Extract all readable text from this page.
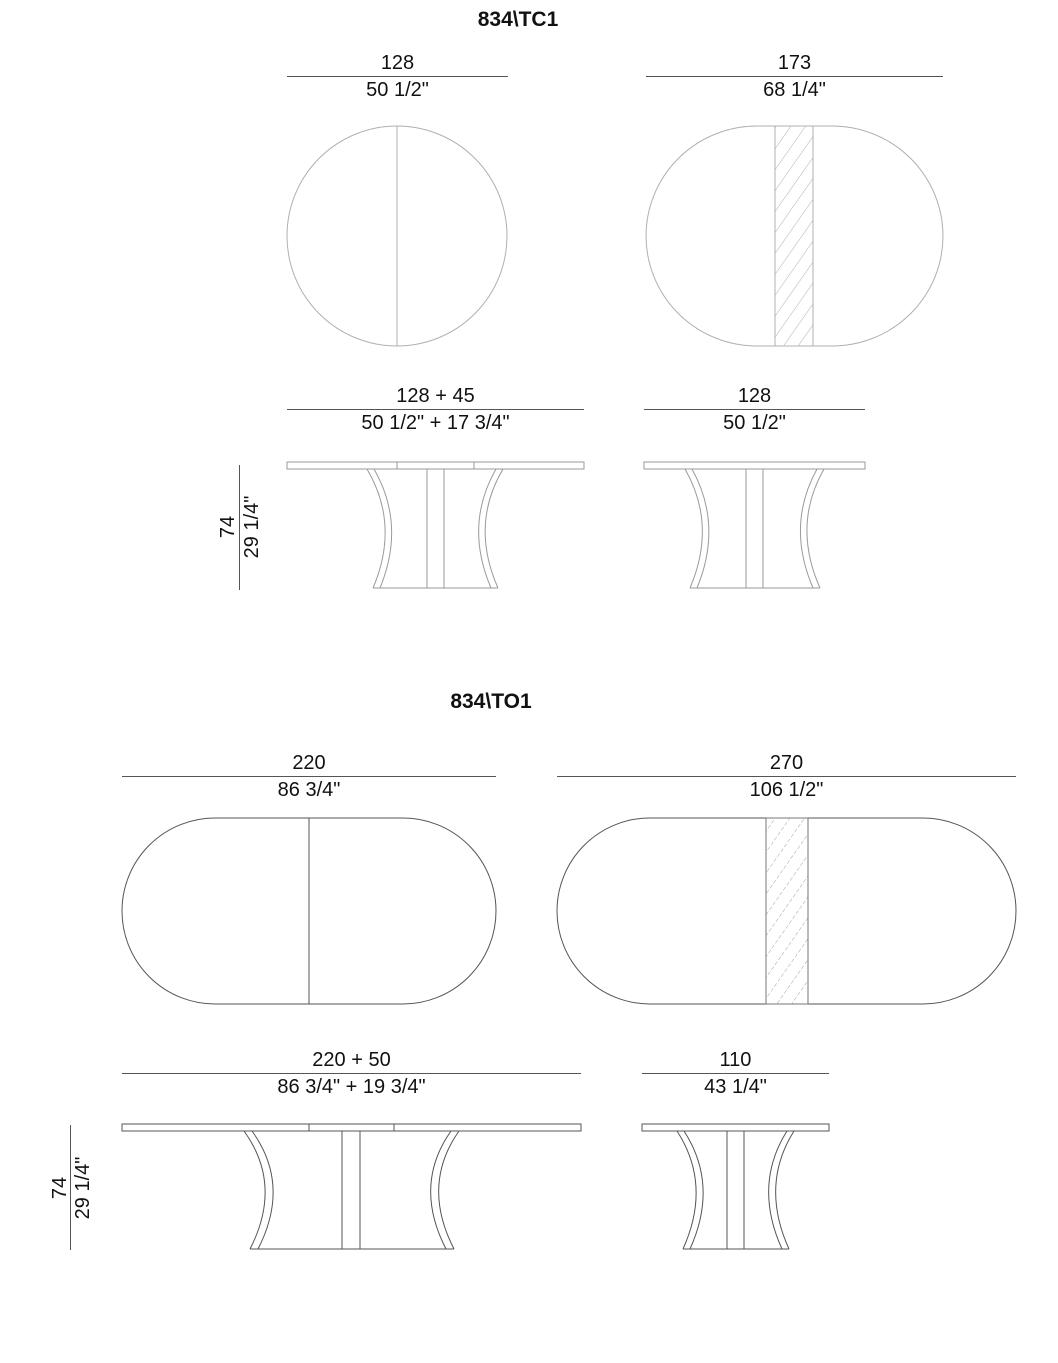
834\TC1
128
50 1/2"
173
68 1/4"
128 + 45
50 1/2" + 17 3/4"
128
50 1/2"
74 29 1/4"
834\TO1
220
86 3/4"
270
106 1/2"
220 + 50
86 3/4" + 19 3/4"
110
43 1/4"
74 29 1/4"
